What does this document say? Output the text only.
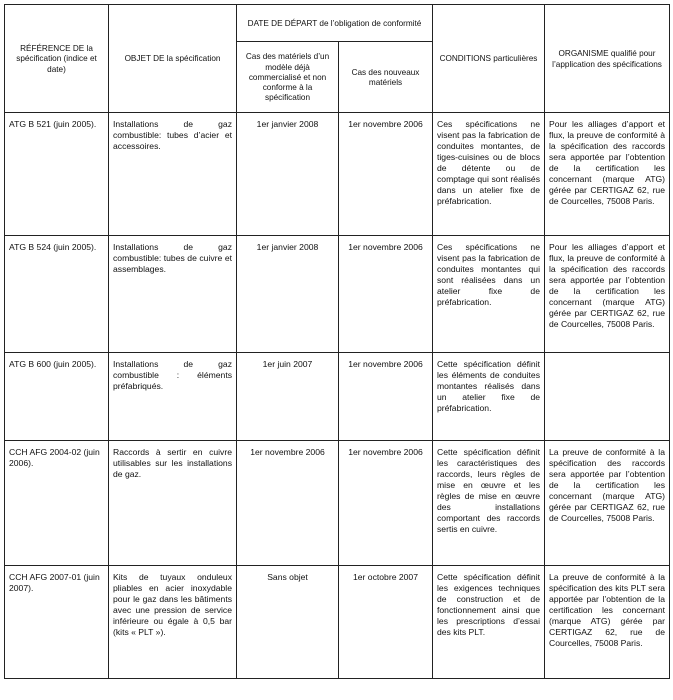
RÉFÉRENCE DE la spécification (indice et date)	OBJET DE la spécification	DATE DE DÉPART de l’obligation de conformité		CONDITIONS particulières	ORGANISME qualifié pour l’application des spécifications
		Cas des matériels d’un modèle déjà commercialisé et non conforme à la spécification	Cas des nouveaux matériels		
ATG B 521 (juin 2005).	Installations de gaz combustible: tubes d’acier et accessoires.	1er janvier 2008	1er novembre 2006	Ces spécifications ne visent pas la fabrication de conduites montantes, de tiges-cuisines ou de blocs de détente ou de comptage qui sont réalisés dans un atelier fixe de préfabrication.	Pour les alliages d’apport et flux, la preuve de conformité à la spécification des raccords sera apportée par l’obtention de la certification les concernant (marque ATG) gérée par CERTIGAZ 62, rue de Courcelles, 75008 Paris.
ATG B 524 (juin 2005).	Installations de gaz combustible: tubes de cuivre et assemblages.	1er janvier 2008	1er novembre 2006	Ces spécifications ne visent pas la fabrication de conduites montantes qui sont réalisées dans un atelier fixe de préfabrication.	Pour les alliages d’apport et flux, la preuve de conformité à la spécification des raccords sera apportée par l’obtention de la certification les concernant (marque ATG) gérée par CERTIGAZ 62, rue de Courcelles, 75008 Paris.
ATG B 600 (juin 2005).	Installations de gaz combustible : éléments préfabriqués.	1er juin 2007	1er novembre 2006	Cette spécification définit les éléments de conduites montantes réalisés dans un atelier fixe de préfabrication.	
CCH AFG 2004-02 (juin 2006).	Raccords à sertir en cuivre utilisables sur les installations de gaz.	1er novembre 2006	1er novembre 2006	Cette spécification définit les caractéristiques des raccords, leurs règles de mise en œuvre et les règles de mise en œuvre des installations comportant des raccords sertis en cuivre.	La preuve de conformité à la spécification des raccords sera apportée par l’obtention de la certification les concernant (marque ATG) gérée par CERTIGAZ 62, rue de Courcelles, 75008 Paris.
CCH AFG 2007-01 (juin 2007).	Kits de tuyaux onduleux pliables en acier inoxydable pour le gaz dans les bâtiments avec une pression de service inférieure ou égale à 0,5 bar (kits « PLT »).	Sans objet	1er octobre 2007	Cette spécification définit les exigences techniques de construction et de fonctionnement ainsi que les prescriptions d’essai des kits PLT.	La preuve de conformité à la spécification des kits PLT sera apportée par l’obtention de la certification les concernant (marque ATG) gérée par CERTIGAZ 62, rue de Courcelles, 75008 Paris.
